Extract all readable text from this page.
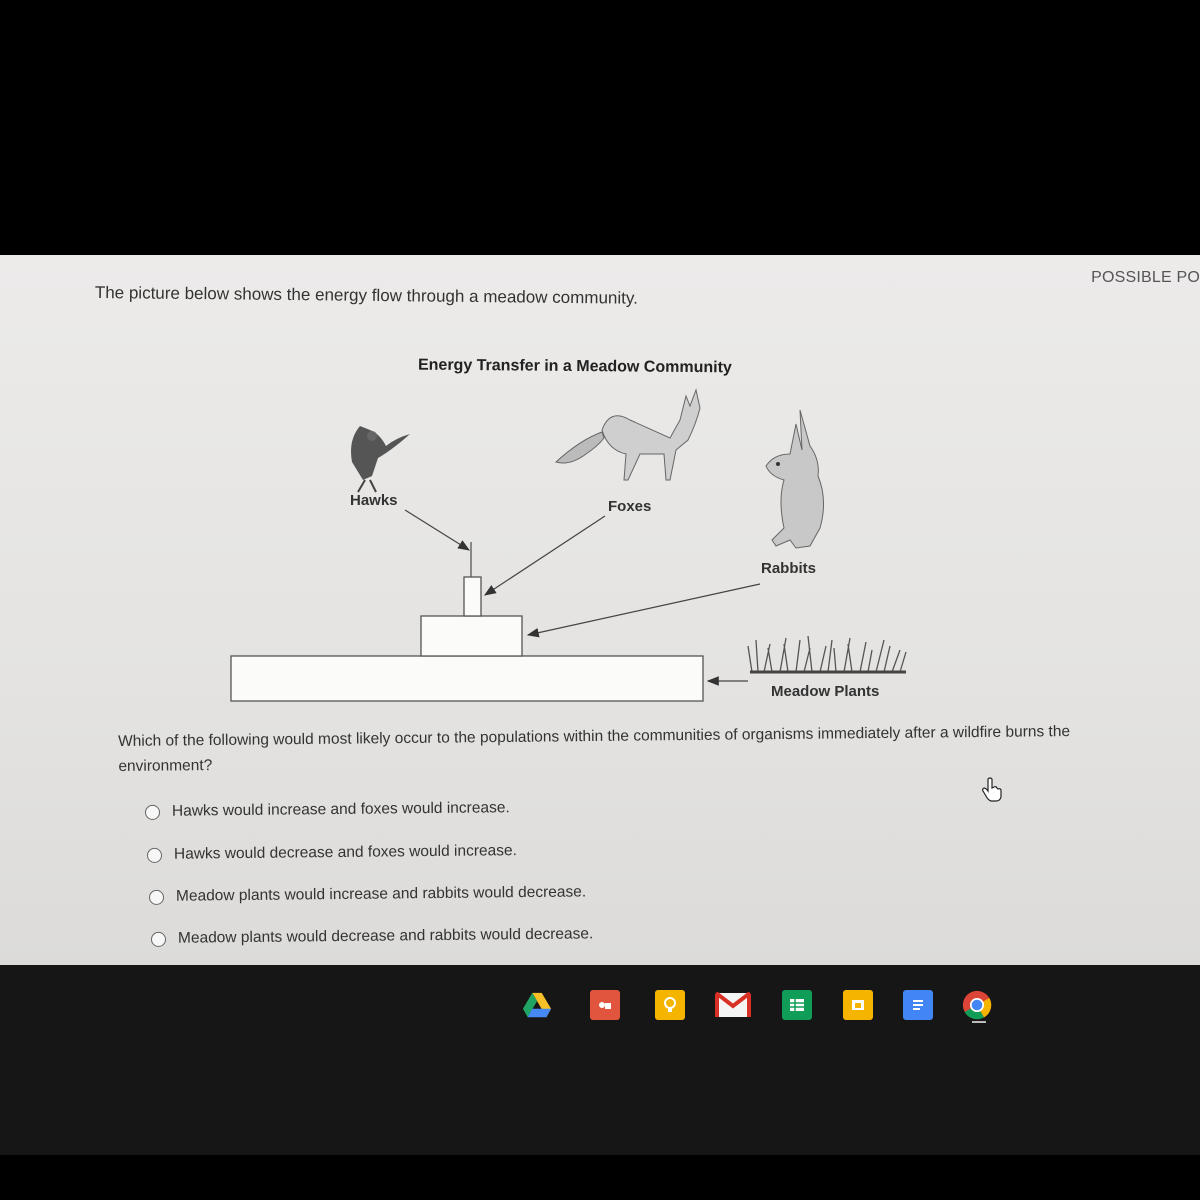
POSSIBLE PO
The picture below shows the energy flow through a meadow community.
Energy Transfer in a Meadow Community
Hawks	Foxes
Rabbits
Meadow Plants
Which of the following would most likely occur to the populations within the communities of organisms immediately after a wildfire burns the environment?
Hawks would increase and foxes would increase.
Hawks would decrease and foxes would increase.
Meadow plants would increase and rabbits would decrease.
Meadow plants would decrease and rabbits would decrease.
